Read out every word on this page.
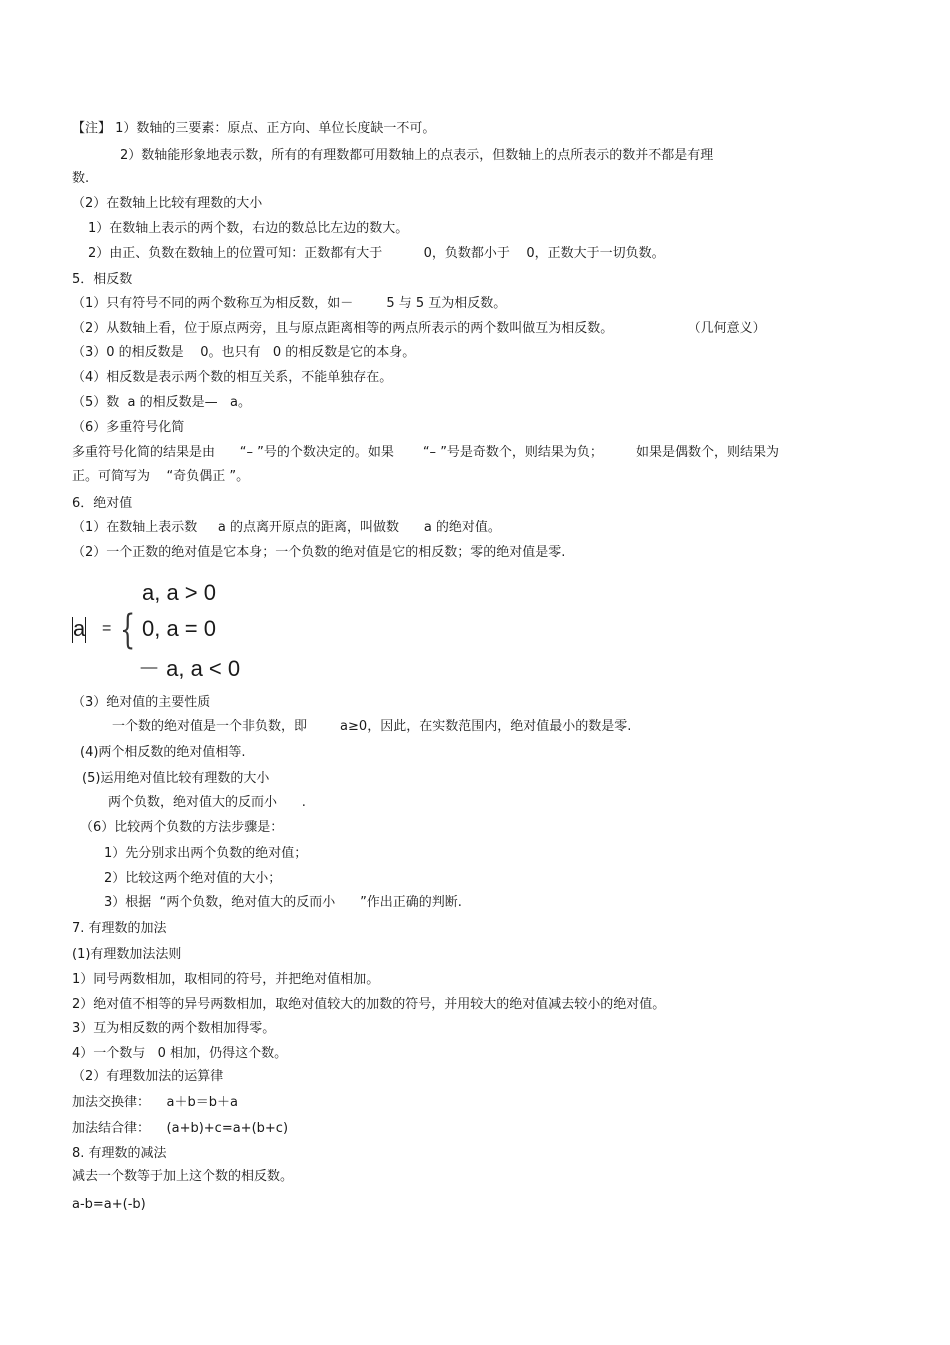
【注】 1）数轴的三要素：原点、正方向、单位长度缺一不可。
2）数轴能形象地表示数，所有的有理数都可用数轴上的点表示，但数轴上的点所表示的数并不都是有理
数.
（2）在数轴上比较有理数的大小
1）在数轴上表示的两个数，右边的数总比左边的数大。
2）由正、负数在数轴上的位置可知：正数都有大于          0，负数都小于    0，正数大于一切负数。
5．相反数
（1）只有符号不同的两个数称互为相反数，如－        5 与 5 互为相反数。
（2）从数轴上看，位于原点两旁，且与原点距离相等的两点所表示的两个数叫做互为相反数。                  （几何意义）
（3）0 的相反数是    0。也只有   0 的相反数是它的本身。
（4）相反数是表示两个数的相互关系，不能单独存在。
（5）数  a 的相反数是—   a。
（6）多重符号化简
多重符号化简的结果是由      “– ”号的个数决定的。如果       “– ”号是奇数个，则结果为负；        如果是偶数个，则结果为
正。可简写为    “奇负偶正 ”。
6．绝对值
（1）在数轴上表示数     a 的点离开原点的距离，叫做数      a 的绝对值。
（2）一个正数的绝对值是它本身；一个负数的绝对值是它的相反数；零的绝对值是零.
a = {
a, a > 0
0, a = 0
－ a, a < 0
（3）绝对值的主要性质
一个数的绝对值是一个非负数，即        a≥0，因此，在实数范围内，绝对值最小的数是零.
(4)两个相反数的绝对值相等.
(5)运用绝对值比较有理数的大小
两个负数，绝对值大的反而小      .
（6）比较两个负数的方法步骤是：
1）先分别求出两个负数的绝对值；
2）比较这两个绝对值的大小；
3）根据  “两个负数，绝对值大的反而小      ”作出正确的判断.
7. 有理数的加法
(1)有理数加法法则
1）同号两数相加，取相同的符号，并把绝对值相加。
2）绝对值不相等的异号两数相加，取绝对值较大的加数的符号，并用较大的绝对值减去较小的绝对值。
3）互为相反数的两个数相加得零。
4）一个数与   0 相加，仍得这个数。
（2）有理数加法的运算律
加法交换律：    a＋b＝b＋a
加法结合律：    (a+b)+c=a+(b+c)
8. 有理数的减法
减去一个数等于加上这个数的相反数。
a-b=a+(-b)
